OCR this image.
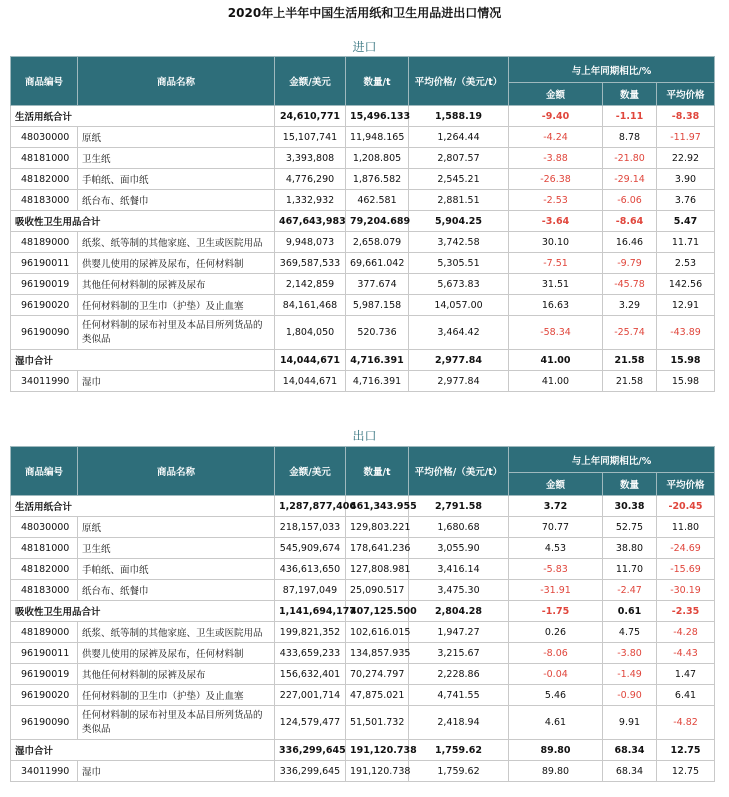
2020年上半年中国生活用纸和卫生用品进出口情况
进口
商品编号	商品名称	金额/美元	数量/t	平均价格/（美元/t）	与上年同期相比/%		
					金额	数量	平均价格
生活用纸合计		24,610,771	15,496.133	1,588.19	-9.40	-1.11	-8.38
48030000	原纸	15,107,741	11,948.165	1,264.44	-4.24	8.78	-11.97
48181000	卫生纸	3,393,808	1,208.805	2,807.57	-3.88	-21.80	22.92
48182000	手帕纸、面巾纸	4,776,290	1,876.582	2,545.21	-26.38	-29.14	3.90
48183000	纸台布、纸餐巾	1,332,932	462.581	2,881.51	-2.53	-6.06	3.76
吸收性卫生用品合计		467,643,983	79,204.689	5,904.25	-3.64	-8.64	5.47
48189000	纸浆、纸等制的其他家庭、卫生或医院用品	9,948,073	2,658.079	3,742.58	30.10	16.46	11.71
96190011	供婴儿使用的尿裤及尿布，任何材料制	369,587,533	69,661.042	5,305.51	-7.51	-9.79	2.53
96190019	其他任何材料制的尿裤及尿布	2,142,859	377.674	5,673.83	31.51	-45.78	142.56
96190020	任何材料制的卫生巾（护垫）及止血塞	84,161,468	5,987.158	14,057.00	16.63	3.29	12.91
96190090	任何材料制的尿布衬里及本品目所列货品的类似品	1,804,050	520.736	3,464.42	-58.34	-25.74	-43.89
湿巾合计		14,044,671	4,716.391	2,977.84	41.00	21.58	15.98
34011990	湿巾	14,044,671	4,716.391	2,977.84	41.00	21.58	15.98
出口
商品编号	商品名称	金额/美元	数量/t	平均价格/（美元/t）	与上年同期相比/%		
					金额	数量	平均价格
生活用纸合计		1,287,877,406	461,343.955	2,791.58	3.72	30.38	-20.45
48030000	原纸	218,157,033	129,803.221	1,680.68	70.77	52.75	11.80
48181000	卫生纸	545,909,674	178,641.236	3,055.90	4.53	38.80	-24.69
48182000	手帕纸、面巾纸	436,613,650	127,808.981	3,416.14	-5.83	11.70	-15.69
48183000	纸台布、纸餐巾	87,197,049	25,090.517	3,475.30	-31.91	-2.47	-30.19
吸收性卫生用品合计		1,141,694,177	407,125.500	2,804.28	-1.75	0.61	-2.35
48189000	纸浆、纸等制的其他家庭、卫生或医院用品	199,821,352	102,616.015	1,947.27	0.26	4.75	-4.28
96190011	供婴儿使用的尿裤及尿布，任何材料制	433,659,233	134,857.935	3,215.67	-8.06	-3.80	-4.43
96190019	其他任何材料制的尿裤及尿布	156,632,401	70,274.797	2,228.86	-0.04	-1.49	1.47
96190020	任何材料制的卫生巾（护垫）及止血塞	227,001,714	47,875.021	4,741.55	5.46	-0.90	6.41
96190090	任何材料制的尿布衬里及本品目所列货品的类似品	124,579,477	51,501.732	2,418.94	4.61	9.91	-4.82
湿巾合计		336,299,645	191,120.738	1,759.62	89.80	68.34	12.75
34011990	湿巾	336,299,645	191,120.738	1,759.62	89.80	68.34	12.75
